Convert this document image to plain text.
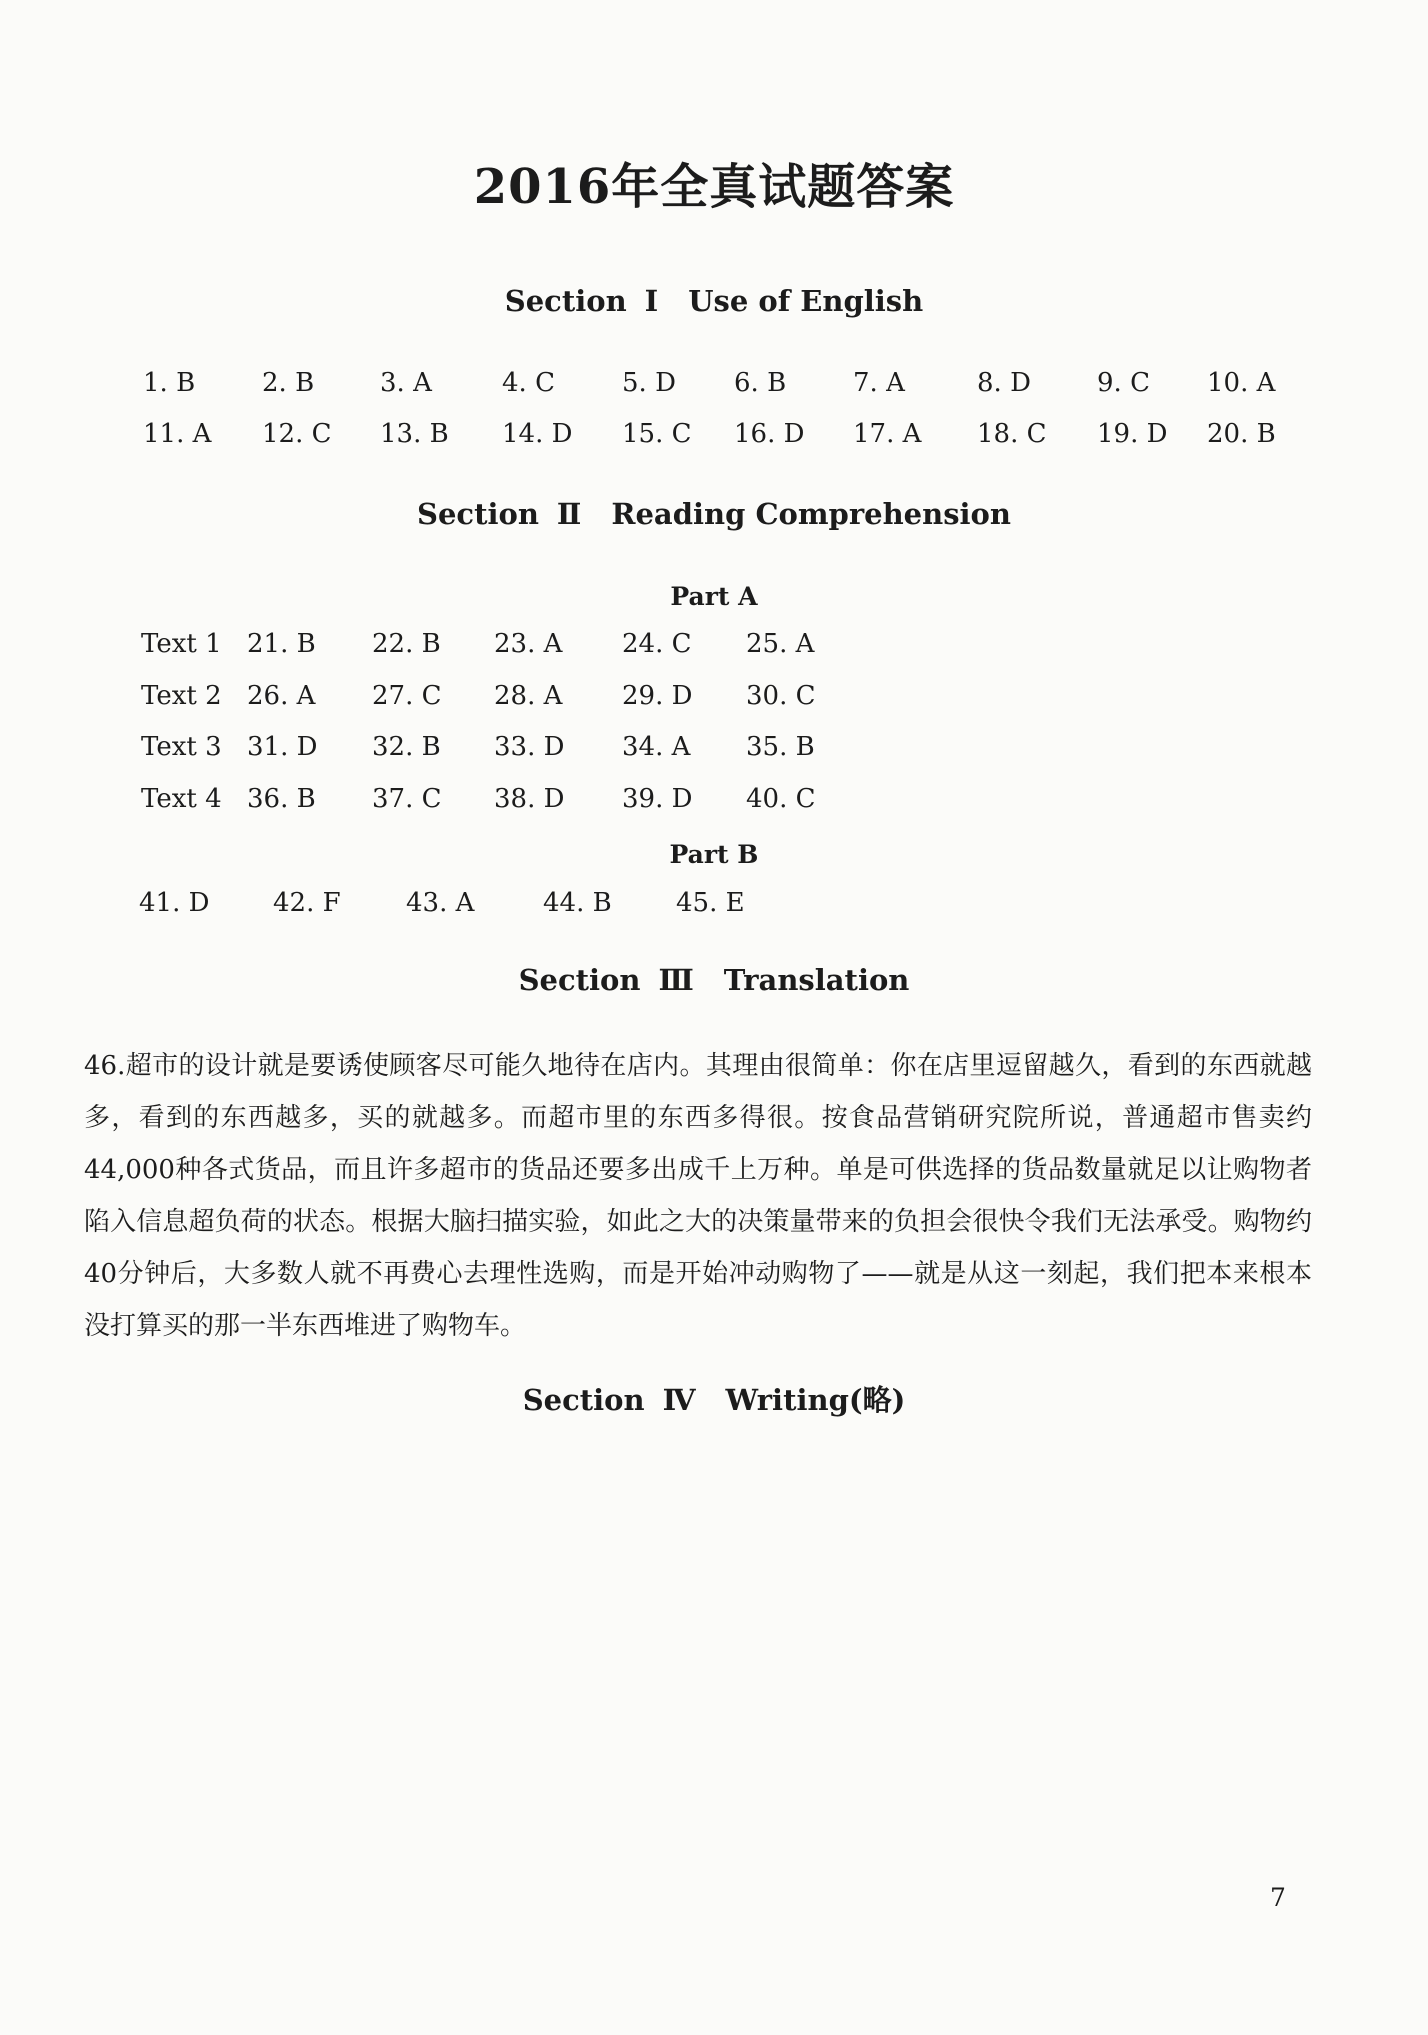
2016年全真试题答案
Section Ⅰ Use of English
1. B	2. B	3. A	4. C	5. D 6. B	7. A	8. D	9. C 10. A
11. A 12. C 13. B 14. D 15. C 16. D 17. A 18. C 19. D 20. B
Section Ⅱ Reading Comprehension
Part A
Text 1 21. B 22. B 23. A 24. C 25. A
Text 2 26. A 27. C 28. A 29. D 30. C
Text 3 31. D 32. B 33. D 34. A 35. B
Text 4 36. B 37. C 38. D 39. D 40. C
Part B
41. D 42. F	43. A	44. B 45. E
Section Ⅲ Translation

46.超市的设计就是要诱使顾客尽可能久地待在店内。其理由很简单：你在店里逗留越久，看到的东西就越多，看到的东西越多，买的就越多。而超市里的东西多得很。按食品营销研究院所说，普通超市售卖约44,000种各式货品，而且许多超市的货品还要多出成千上万种。单是可供选择的货品数量就足以让购物者陷入信息超负荷的状态。根据大脑扫描实验，如此之大的决策量带来的负担会很快令我们无法承受。购物约40分钟后，大多数人就不再费心去理性选购，而是开始冲动购物了——就是从这一刻起，我们把本来根本没打算买的那一半东西堆进了购物车。

Section Ⅳ Writing(略)
7
